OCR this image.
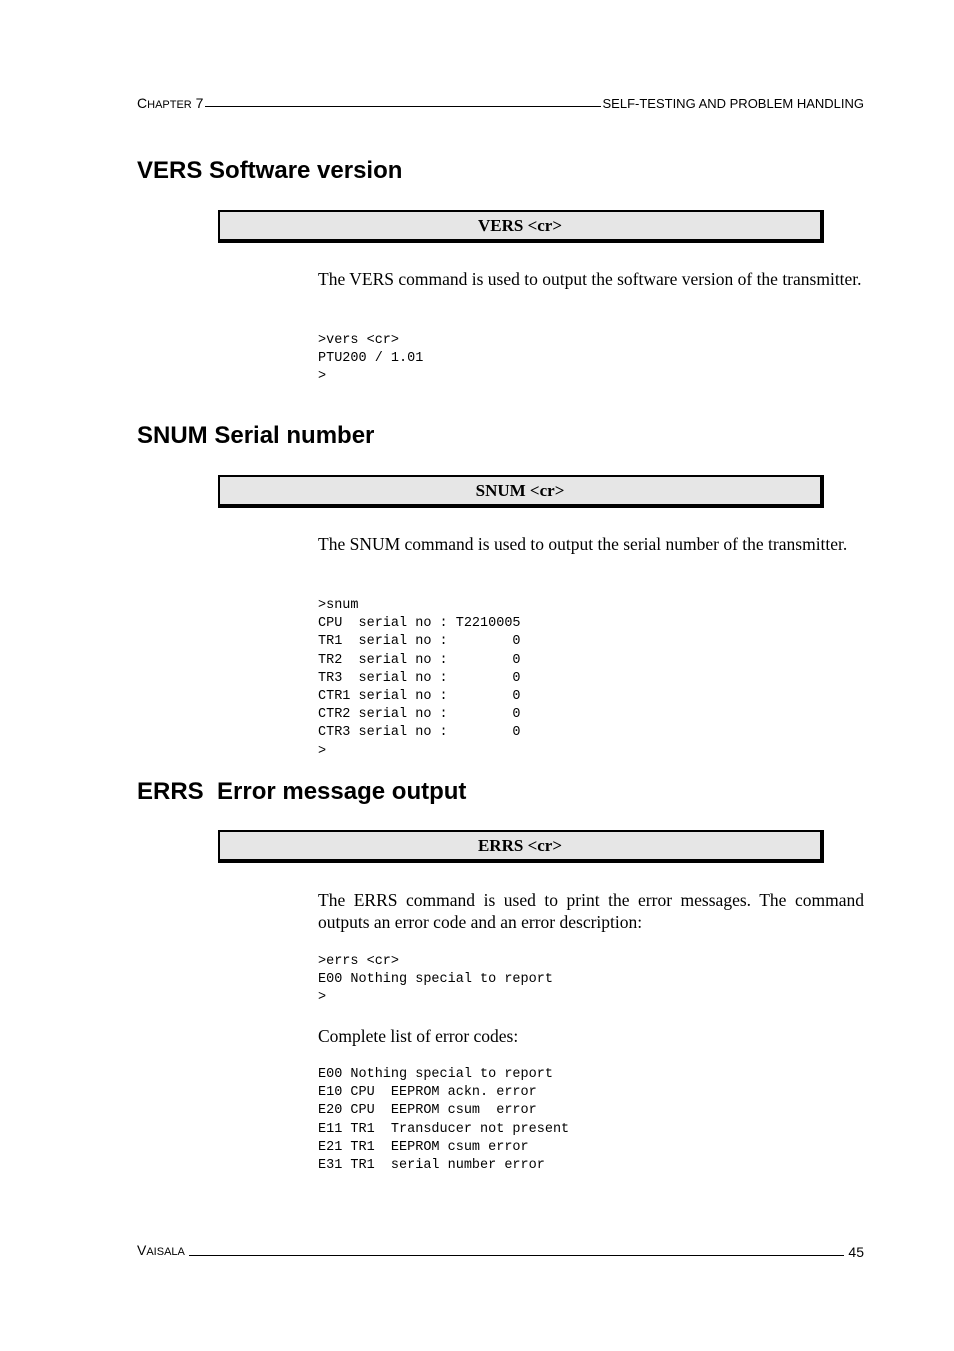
CHAPTER 7	SELF-TESTING AND PROBLEM HANDLING
VERS Software version
VERS <cr>

The VERS command is used to output the software version of the transmitter.

>vers <cr>
PTU200 / 1.01
>
SNUM Serial number
SNUM <cr>

The SNUM command is used to output the serial number of the transmitter.

>snum
CPU  serial no : T2210005
TR1  serial no :        0
TR2  serial no :        0
TR3  serial no :        0
CTR1 serial no :        0
CTR2 serial no :        0
CTR3 serial no :        0
>
ERRS  Error message output
ERRS <cr>

The ERRS command is used to print the error messages. The command outputs an error code and an error description:

>errs <cr>
E00 Nothing special to report
>

Complete list of error codes:

E00 Nothing special to report
E10 CPU  EEPROM ackn. error
E20 CPU  EEPROM csum  error
E11 TR1  Transducer not present
E21 TR1  EEPROM csum error
E31 TR1  serial number error
VAISALA	45
